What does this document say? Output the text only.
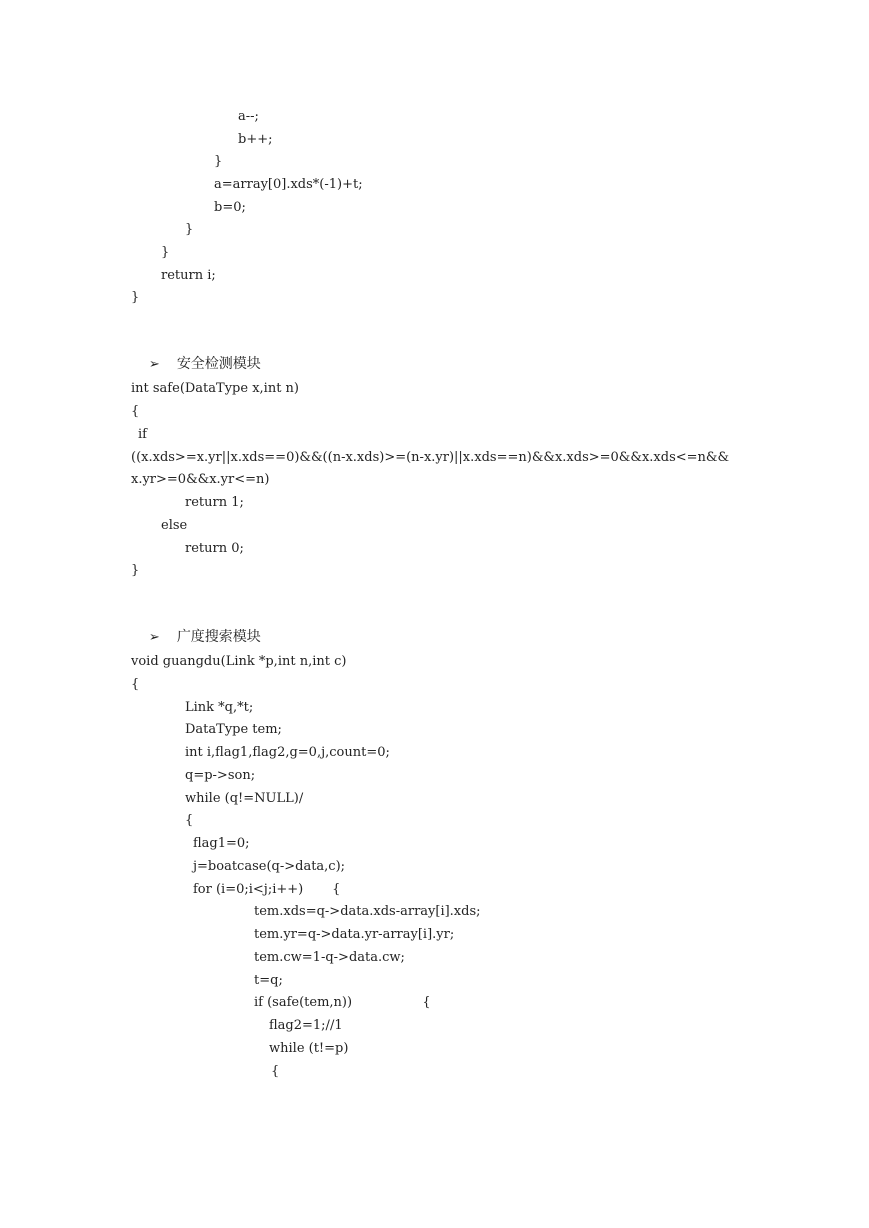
a--;
b++;
}
a=array[0].xds*(-1)+t;
b=0;
}
}
return i;
}

➢ 安全检测模块

int safe(DataType x,int n)
{
if
((x.xds>=x.yr||x.xds==0)&&((n-x.xds)>=(n-x.yr)||x.xds==n)&&x.xds>=0&&x.xds<=n&&
x.yr>=0&&x.yr<=n)
return 1;
else
return 0;
}

➢ 广度搜索模块

void guangdu(Link *p,int n,int c)
{
Link *q,*t;
DataType tem;
int i,flag1,flag2,g=0,j,count=0;
q=p->son;
while (q!=NULL)/
{
flag1=0;
j=boatcase(q->data,c);
for (i=0;i<j;i++)       {
tem.xds=q->data.xds-array[i].xds;
tem.yr=q->data.yr-array[i].yr;
tem.cw=1-q->data.cw;
t=q;
if (safe(tem,n))                 {
flag2=1;//1
while (t!=p)
{
